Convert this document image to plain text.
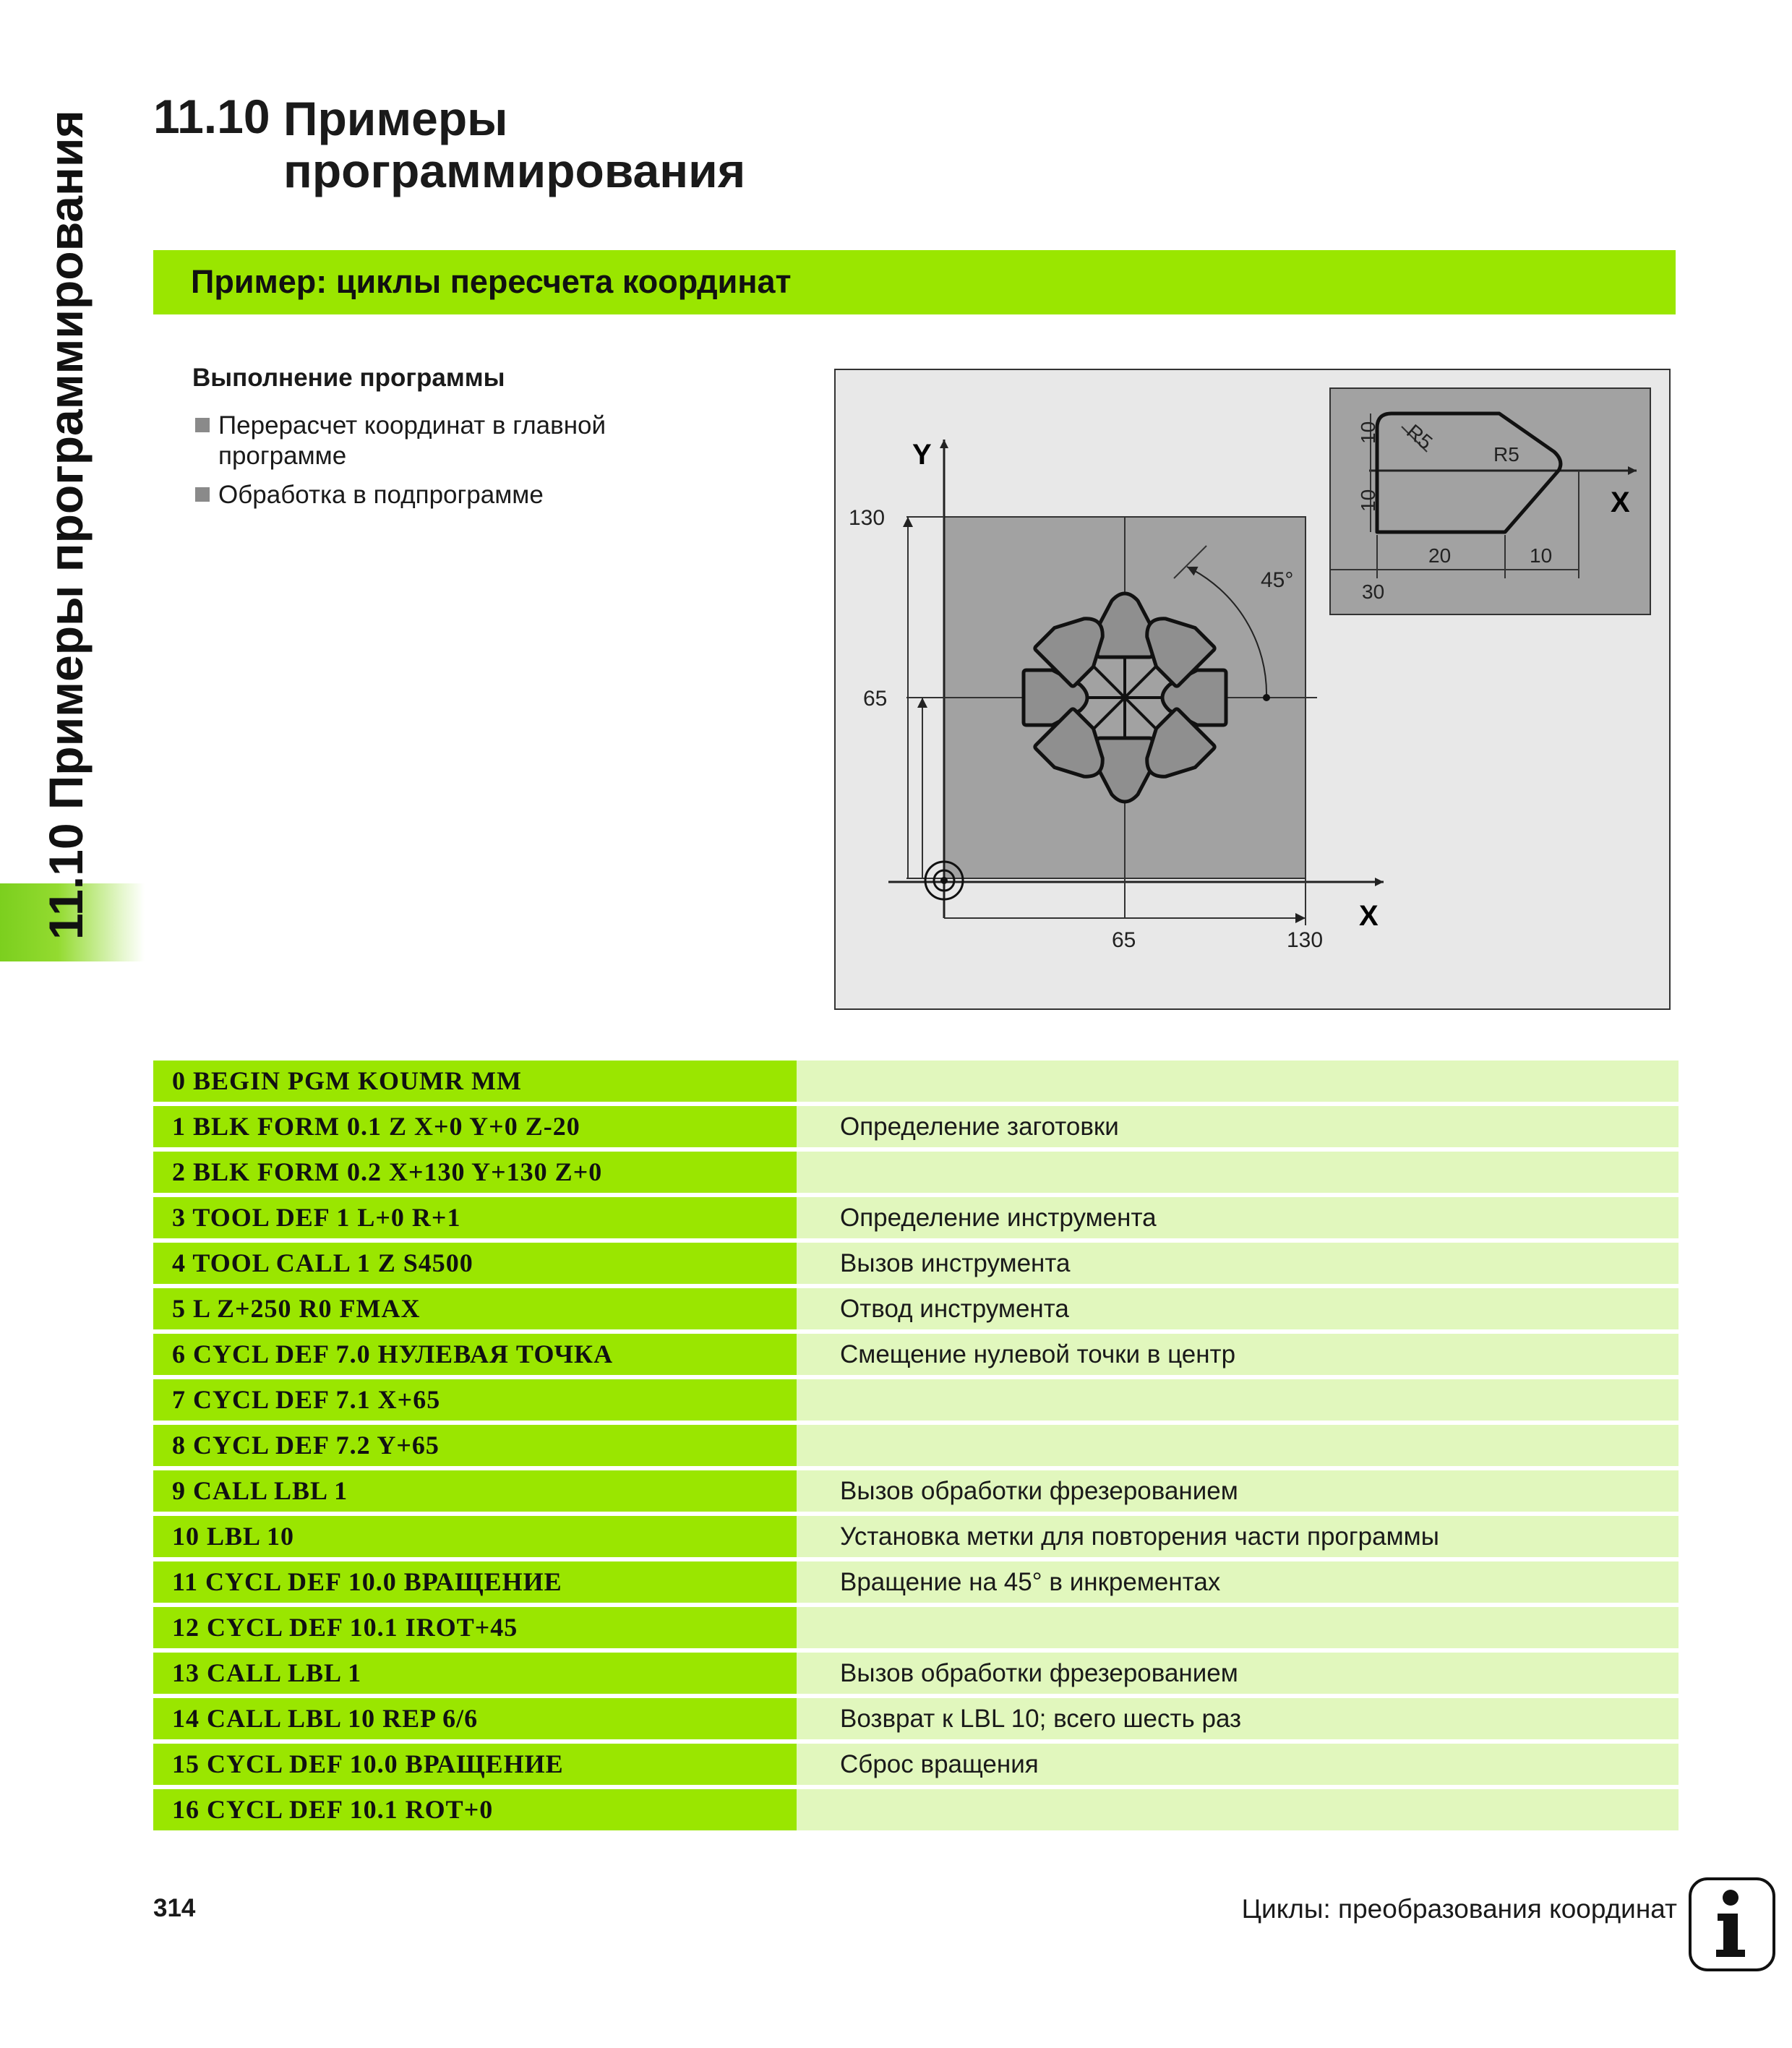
11.10 Примеры программирования 11.10 Примеры
программирования
Пример: циклы пересчета координат
Выполнение программы
Перерасчет координат в главной
программе
Обработка в подпрограмме
Y
X
130
65
65	130
45°
X
10
10
R5
R5
20	10
30
0 BEGIN PGM KOUMR MM
1 BLK FORM 0.1 Z X+0 Y+0 Z-20	Определение заготовки
2 BLK FORM 0.2 X+130 Y+130 Z+0
3 TOOL DEF 1 L+0 R+1	Определение инструмента
4 TOOL CALL 1 Z S4500	Вызов инструмента
5 L Z+250 R0 FMAX	Отвод инструмента
6 CYCL DEF 7.0 НУЛЕВАЯ ТОЧКА	Смещение нулевой точки в центр
7 CYCL DEF 7.1 X+65
8 CYCL DEF 7.2 Y+65
9 CALL LBL 1	Вызов обработки фрезерованием
10 LBL 10	Установка метки для повторения части программы
11 CYCL DEF 10.0 ВРАЩЕНИЕ	Вращение на 45° в инкрементах
12 CYCL DEF 10.1 IROT+45
13 CALL LBL 1	Вызов обработки фрезерованием
14 CALL LBL 10 REP 6/6	Возврат к LBL 10; всего шесть раз
15 CYCL DEF 10.0 ВРАЩЕНИЕ	Сброс вращения
16 CYCL DEF 10.1 ROT+0
314	Циклы: преобразования координат
